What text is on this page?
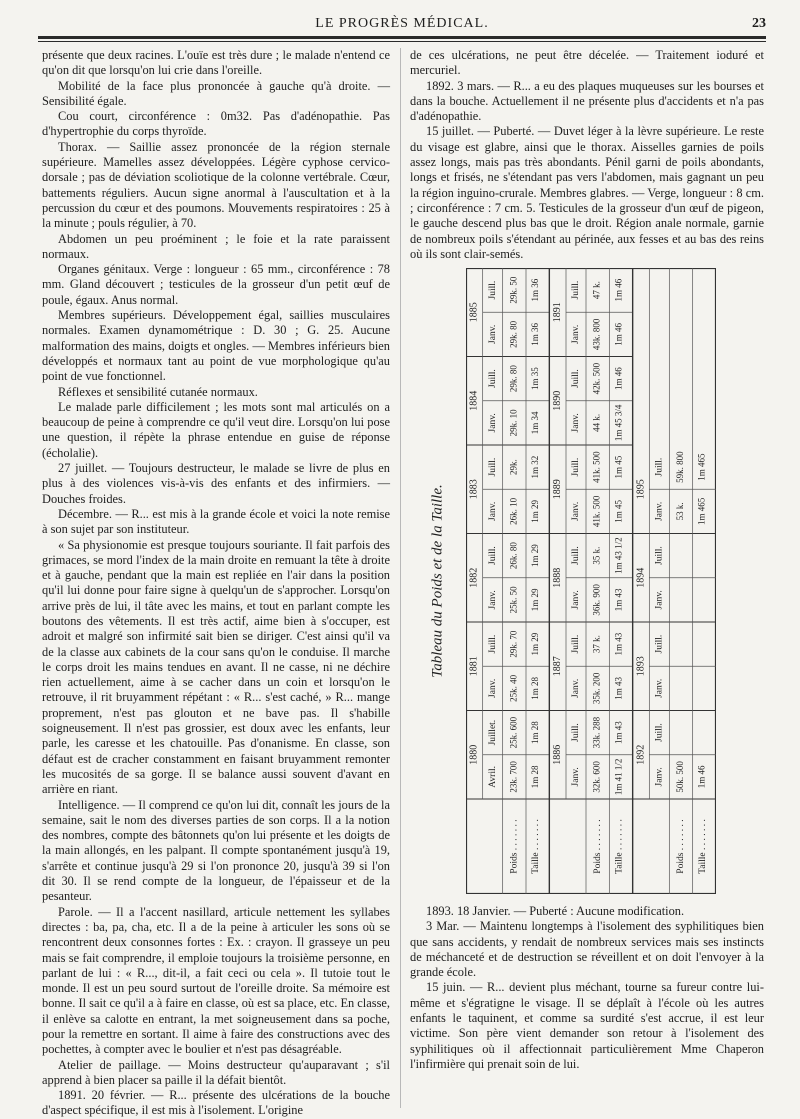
LE PROGRÈS MÉDICAL.	23

présente que deux racines. L'ouïe est très dure ; le malade n'entend ce qu'on dit que lorsqu'on lui crie dans l'oreille.

Mobilité de la face plus prononcée à gauche qu'à droite. — Sensibilité égale.

Cou court, circonférence : 0m32. Pas d'adénopathie. Pas d'hypertrophie du corps thyroïde.

Thorax. — Saillie assez prononcée de la région sternale supérieure. Mamelles assez développées. Légère cyphose cervico-dorsale ; pas de déviation scoliotique de la colonne vertébrale. Cœur, battements réguliers. Aucun signe anormal à l'auscultation et à la percussion du cœur et des poumons. Mouvements respiratoires : 25 à la minute ; pouls régulier, à 70.

Abdomen un peu proéminent ; le foie et la rate paraissent normaux.

Organes génitaux. Verge : longueur : 65 mm., circonférence : 78 mm. Gland découvert ; testicules de la grosseur d'un petit œuf de poule, égaux. Anus normal.

Membres supérieurs. Développement égal, saillies musculaires normales. Examen dynamométrique : D. 30 ; G. 25. Aucune malformation des mains, doigts et ongles. — Membres inférieurs bien développés et normaux tant au point de vue morphologique qu'au point de vue fonctionnel.

Réflexes et sensibilité cutanée normaux.

Le malade parle difficilement ; les mots sont mal articulés on a beaucoup de peine à comprendre ce qu'il veut dire. Lorsqu'on lui pose une question, il répète la phrase entendue en guise de réponse (écholalie).

27 juillet. — Toujours destructeur, le malade se livre de plus en plus à des violences vis-à-vis des enfants et des infirmiers. — Douches froides.

Décembre. — R... est mis à la grande école et voici la note remise à son sujet par son instituteur.

« Sa physionomie est presque toujours souriante. Il fait parfois des grimaces, se mord l'index de la main droite en remuant la tête à droite et à gauche, pendant que la main est repliée en l'air dans la position qu'il lui donne pour faire signe à quelqu'un de s'approcher. Lorsqu'on arrive près de lui, il tâte avec les mains, et tout en parlant compte les boutons des vêtements. Il est très actif, aime bien à s'occuper, est adroit et malgré son infirmité sait bien se diriger. C'est ainsi qu'il va de la classe aux cabinets de la cour sans qu'on le conduise. Il marche le corps droit les mains tendues en avant. Il ne casse, ni ne déchire rien actuellement, aime à se cacher dans un coin et lorsqu'on le retrouve, il rit bruyamment répétant : « R... s'est caché, » R... mange proprement, n'est pas glouton et ne bave pas. Il s'habille soigneusement. Il n'est pas grossier, est doux avec les enfants, leur parle, les caresse et les chatouille. Pas d'onanisme. En classe, son défaut est de cracher constamment en faisant bruyamment remonter les mucosités de sa gorge. Il se balance aussi souvent d'avant en arrière en riant.

Intelligence. — Il comprend ce qu'on lui dit, connaît les jours de la semaine, sait le nom des diverses parties de son corps. Il a la notion des nombres, compte des bâtonnets qu'on lui présente et les doigts de la main allongés, en les palpant. Il compte spontanément jusqu'à 19, s'arrête et continue jusqu'à 29 si l'on prononce 20, jusqu'à 39 si l'on dit 30. Il se rend compte de la longueur, de l'épaisseur et de la pesanteur.

Parole. — Il a l'accent nasillard, articule nettement les syllabes directes : ba, pa, cha, etc. Il a de la peine à articuler les sons où se rencontrent deux consonnes fortes : Ex. : crayon. Il grasseye un peu mais se fait comprendre, il emploie toujours la troisième personne, en parlant de lui : « R..., dit-il, a fait ceci ou cela ». Il tutoie tout le monde. Il est un peu sourd surtout de l'oreille droite. Sa mémoire est bonne. Il sait ce qu'il a à faire en classe, où est sa place, etc. En classe, il enlève sa calotte en entrant, la met soigneusement dans sa poche, pour la remettre en sortant. Il aime à faire des constructions avec des pochettes, à compter avec le boulier et n'est pas désagréable.

Atelier de paillage. — Moins destructeur qu'auparavant ; s'il apprend à bien placer sa paille il la défait bientôt.

1891. 20 février. — R... présente des ulcérations de la bouche d'aspect spécifique, il est mis à l'isolement. L'origine

de ces ulcérations, ne peut être décelée. — Traitement ioduré et mercuriel.

1892. 3 mars. — R... a eu des plaques muqueuses sur les bourses et dans la bouche. Actuellement il ne présente plus d'accidents et n'a pas d'adénopathie.

15 juillet. — Puberté. — Duvet léger à la lèvre supérieure. Le reste du visage est glabre, ainsi que le thorax. Aisselles garnies de poils assez longs, mais pas très abondants. Pénil garni de poils abondants, longs et frisés, ne s'étendant pas vers l'abdomen, mais gagnant un peu la région inguino-crurale. Membres glabres. — Verge, longueur : 8 cm. ; circonférence : 7 cm. 5. Testicules de la grosseur d'un œuf de pigeon, le gauche descend plus bas que le droit. Région anale normale, garnie de nombreux poils s'étendant au périnée, aux fesses et au bas des reins où ils sont clair-semés.

Tableau du Poids et de la Taille.
Poids . . . . . . . Taille . . . . . . .
1880
Avril. 23k. 700 1m 28
Juillet. 25k. 600 1m 28
1881
Janv. 25k. 40 1m 28
Juill. 29k. 70 1m 29
1882
Janv. 25k. 50 1m 29
Juill. 26k. 80 1m 29
1883
Janv. 26k. 10 1m 29
Juill. 29k. 1m 32
1884
Janv. 29k. 10 1m 34
Juill. 29k. 80 1m 35
1885
Janv. 29k. 80 1m 36
Juill. 29k. 50 1m 36
Poids . . . . . . . Taille . . . . . . .
1886
Janv. 32k. 600 1m 41 1/2
Juill. 33k. 288 1m 43
1887
Janv. 35k. 200 1m 43
Juill. 37 k. 1m 43
1888
Janv. 36k. 900 1m 43
Juill. 35 k. 1m 43 1/2
1889
Janv. 41k. 500 1m 45
Juill. 41k. 500 1m 45
1890
Janv. 44 k. 1m 45 3/4
Juill. 42k. 500 1m 46
1891
Janv. 43k. 800 1m 46
Juill. 47 k. 1m 46
Poids . . . . . . . Taille . . . . . . .
1892
Janv. 50k. 500 1m 46
Juill.
1893
Janv.
Juill.
1894
Janv.
Juill.
1895
Janv. 53 k. 1m 465
Juill. 59k. 800 1m 465

1893. 18 Janvier. — Puberté : Aucune modification.

3 Mar. — Maintenu longtemps à l'isolement des syphilitiques bien que sans accidents, y rendait de nombreux services mais ses instincts de méchanceté et de destruction se réveillent et on doit l'envoyer à la grande école.

15 juin. — R... devient plus méchant, tourne sa fureur contre lui-même et s'égratigne le visage. Il se déplaît à l'école où les autres enfants le taquinent, et comme sa surdité s'est accrue, il est leur victime. Son père vient demander son retour à l'isolement des syphilitiques où il affectionnait particulièrement Mme Chaperon l'infirmière qui prenait soin de lui.
